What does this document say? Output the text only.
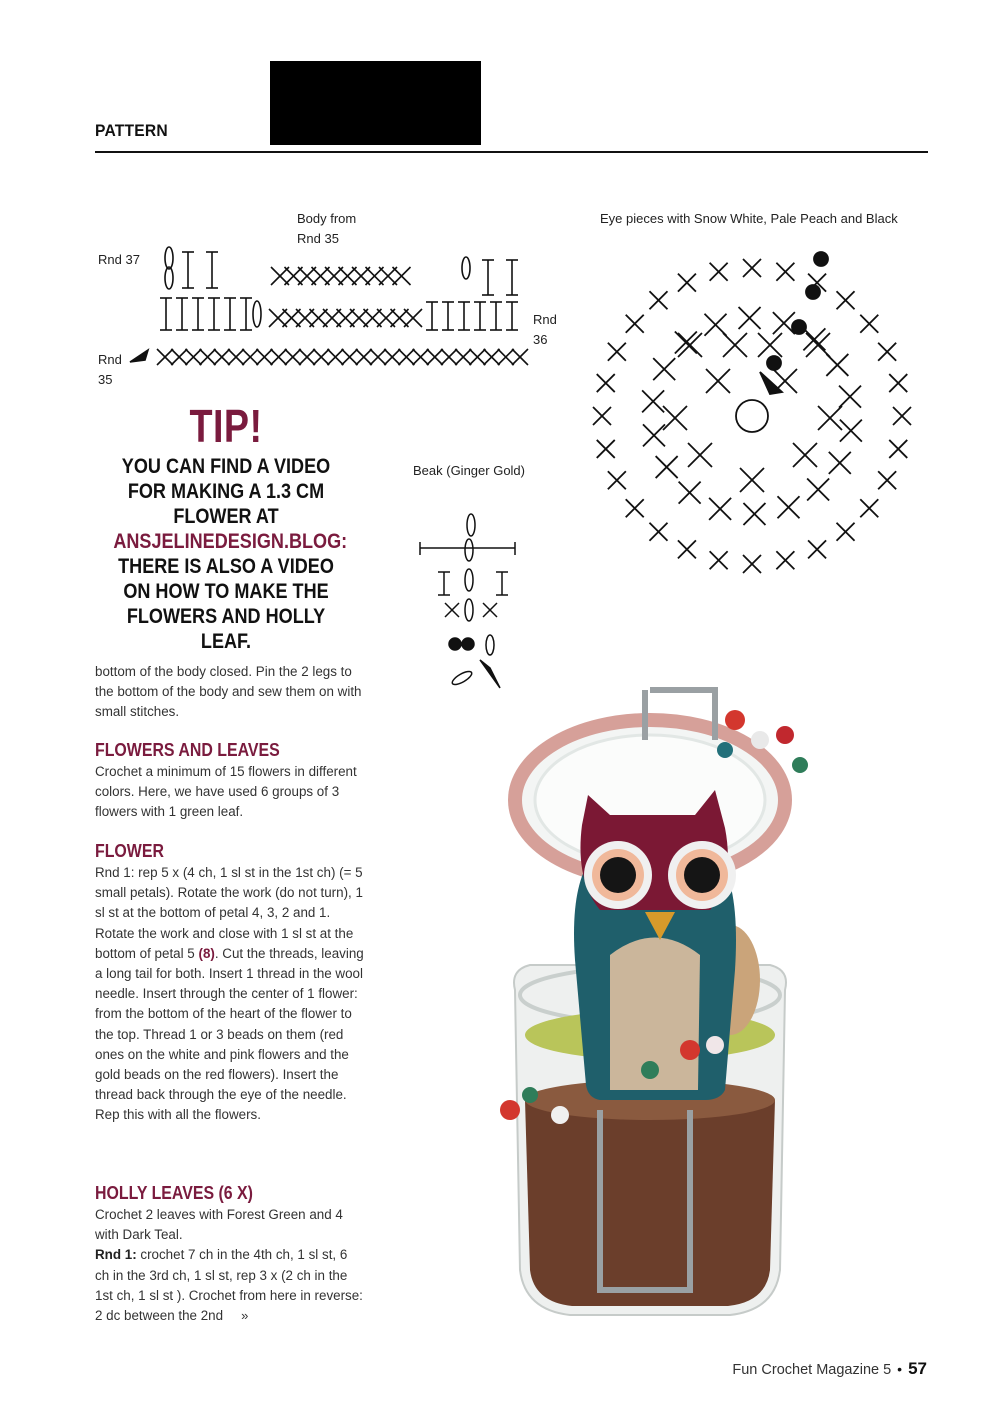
PATTERN
Body from
Rnd 35
Rnd 37
Rnd
36
Rnd
35
Eye pieces with Snow White, Pale Peach and Black
Beak (Ginger Gold)
TIP!
YOU CAN FIND A VIDEO
FOR MAKING A 1.3 CM
FLOWER AT
ANSJELINEDESIGN.BLOG:
THERE IS ALSO A VIDEO
ON HOW TO MAKE THE
FLOWERS AND HOLLY
LEAF.

bottom of the body closed. Pin the 2 legs to the bottom of the body and sew them on with small stitches.

FLOWERS AND LEAVES

Crochet a minimum of 15 flowers in different colors. Here, we have used 6 groups of 3 flowers with 1 green leaf.

FLOWER

Rnd 1: rep 5 x (4 ch, 1 sl st in the 1st ch) (= 5 small petals). Rotate the work (do not turn), 1 sl st at the bottom of petal 4, 3, 2 and 1. Rotate the work and close with 1 sl st at the bottom of petal 5 (8). Cut the threads, leaving a long tail for both. Insert 1 thread in the wool needle. Insert through the center of 1 flower: from the bottom of the heart of the flower to the top. Thread 1 or 3 beads on them (red ones on the white and pink flowers and the gold beads on the red flowers). Insert the thread back through the eye of the needle. Rep this with all the flowers.

HOLLY LEAVES (6 X)

Crochet 2 leaves with Forest Green and 4 with Dark Teal.

Rnd 1: crochet 7 ch in the 4th ch, 1 sl st, 6 ch in the 3rd ch, 1 sl st, rep 3 x (2 ch in the 1st ch, 1 sl st ). Crochet from here in reverse: 2 dc between the 2nd »

Fun Crochet Magazine 5 • 57
